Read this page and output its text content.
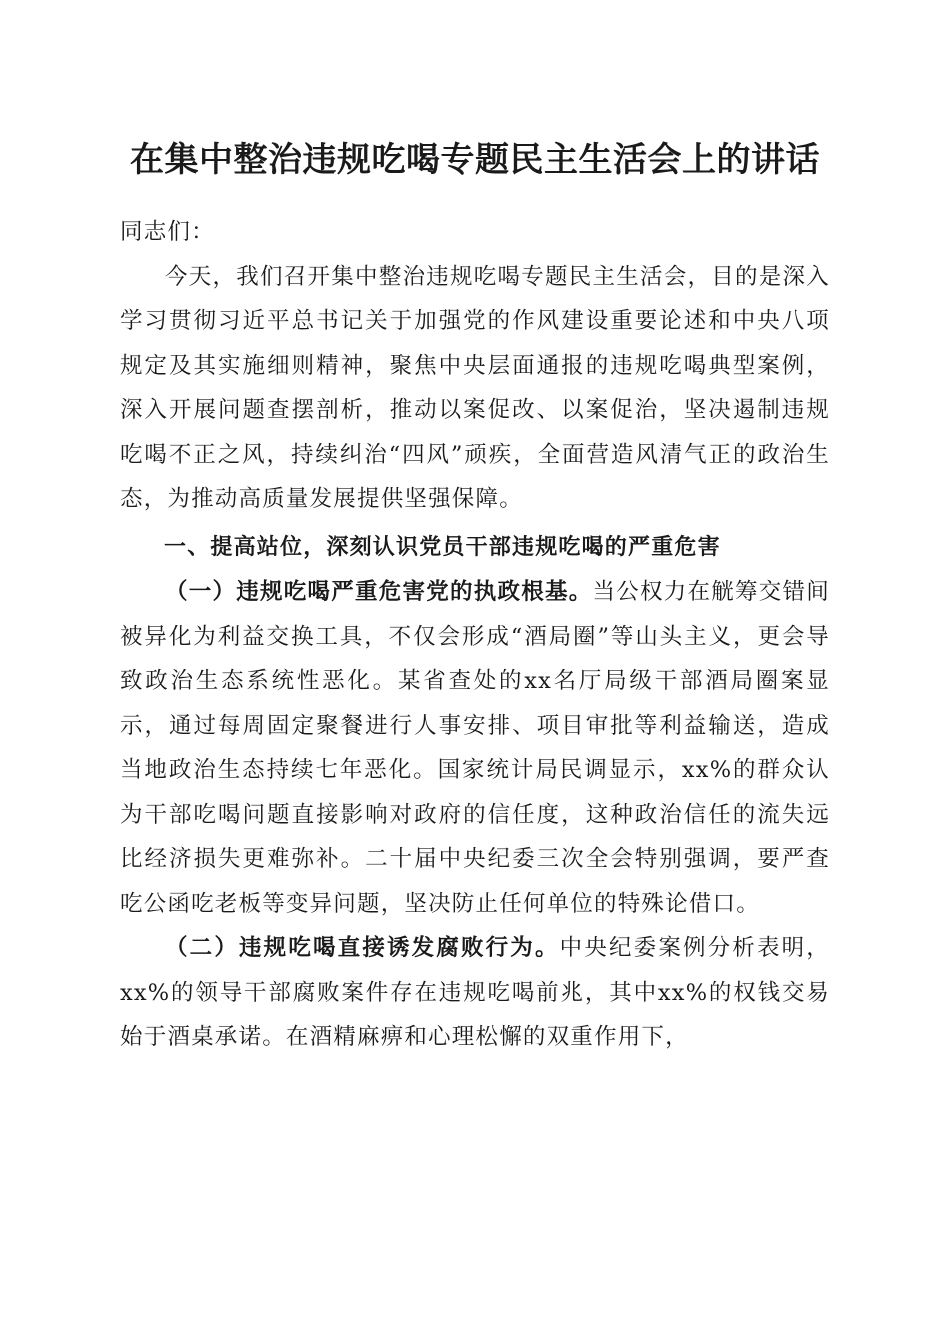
在集中整治违规吃喝专题民主生活会上的讲话

同志们：

今天，我们召开集中整治违规吃喝专题民主生活会，目的是深入学习贯彻习近平总书记关于加强党的作风建设重要论述和中央八项规定及其实施细则精神，聚焦中央层面通报的违规吃喝典型案例，深入开展问题查摆剖析，推动以案促改、以案促治，坚决遏制违规吃喝不正之风，持续纠治“四风”顽疾，全面营造风清气正的政治生态，为推动高质量发展提供坚强保障。

一、提高站位，深刻认识党员干部违规吃喝的严重危害

（一）违规吃喝严重危害党的执政根基。当公权力在觥筹交错间被异化为利益交换工具，不仅会形成“酒局圈”等山头主义，更会导致政治生态系统性恶化。某省查处的xx名厅局级干部酒局圈案显示，通过每周固定聚餐进行人事安排、项目审批等利益输送，造成当地政治生态持续七年恶化。国家统计局民调显示，xx%的群众认为干部吃喝问题直接影响对政府的信任度，这种政治信任的流失远比经济损失更难弥补。二十届中央纪委三次全会特别强调，要严查吃公函吃老板等变异问题，坚决防止任何单位的特殊论借口。

（二）违规吃喝直接诱发腐败行为。中央纪委案例分析表明，xx%的领导干部腐败案件存在违规吃喝前兆，其中xx%的权钱交易始于酒桌承诺。在酒精麻痹和心理松懈的双重作用下，
